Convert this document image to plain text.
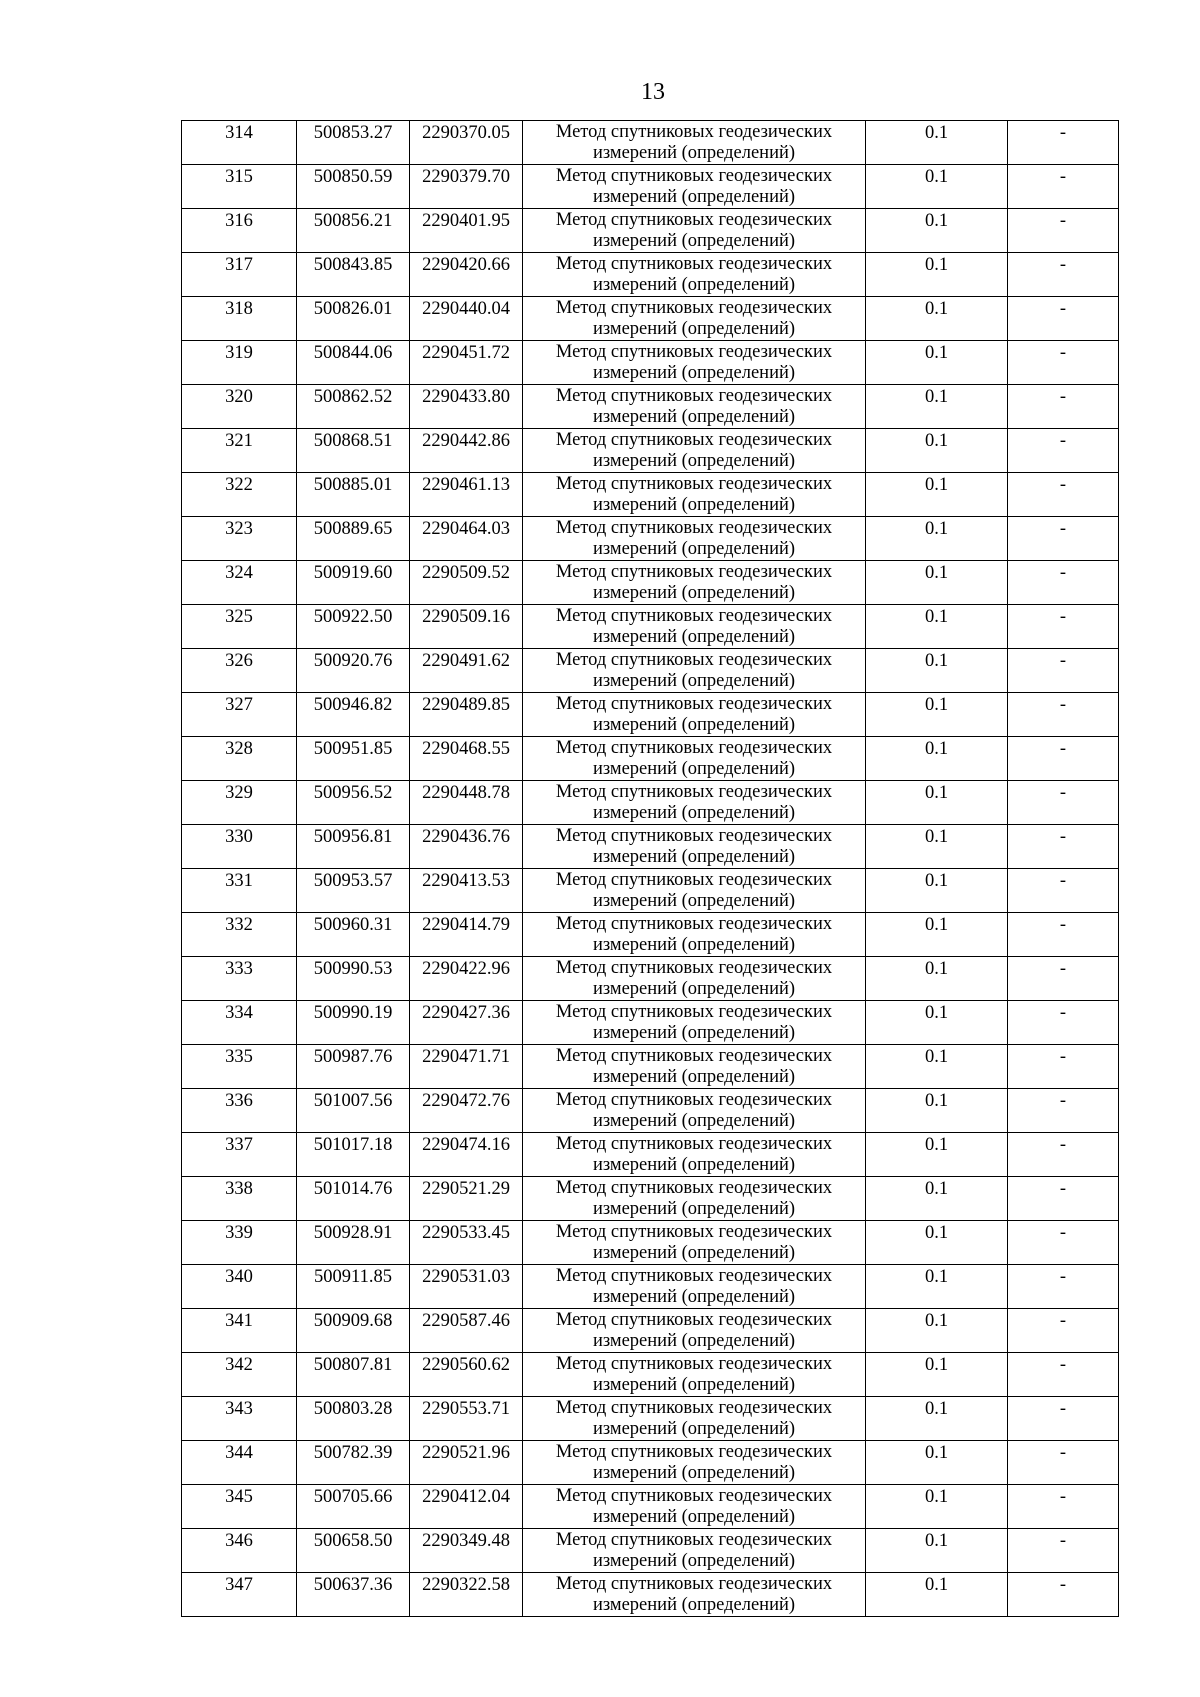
13
314	500853.27	2290370.05	Метод спутниковых геодезических
измерений (определений)	0.1	-
315	500850.59	2290379.70	Метод спутниковых геодезических
измерений (определений)	0.1	-
316	500856.21	2290401.95	Метод спутниковых геодезических
измерений (определений)	0.1	-
317	500843.85	2290420.66	Метод спутниковых геодезических
измерений (определений)	0.1	-
318	500826.01	2290440.04	Метод спутниковых геодезических
измерений (определений)	0.1	-
319	500844.06	2290451.72	Метод спутниковых геодезических
измерений (определений)	0.1	-
320	500862.52	2290433.80	Метод спутниковых геодезических
измерений (определений)	0.1	-
321	500868.51	2290442.86	Метод спутниковых геодезических
измерений (определений)	0.1	-
322	500885.01	2290461.13	Метод спутниковых геодезических
измерений (определений)	0.1	-
323	500889.65	2290464.03	Метод спутниковых геодезических
измерений (определений)	0.1	-
324	500919.60	2290509.52	Метод спутниковых геодезических
измерений (определений)	0.1	-
325	500922.50	2290509.16	Метод спутниковых геодезических
измерений (определений)	0.1	-
326	500920.76	2290491.62	Метод спутниковых геодезических
измерений (определений)	0.1	-
327	500946.82	2290489.85	Метод спутниковых геодезических
измерений (определений)	0.1	-
328	500951.85	2290468.55	Метод спутниковых геодезических
измерений (определений)	0.1	-
329	500956.52	2290448.78	Метод спутниковых геодезических
измерений (определений)	0.1	-
330	500956.81	2290436.76	Метод спутниковых геодезических
измерений (определений)	0.1	-
331	500953.57	2290413.53	Метод спутниковых геодезических
измерений (определений)	0.1	-
332	500960.31	2290414.79	Метод спутниковых геодезических
измерений (определений)	0.1	-
333	500990.53	2290422.96	Метод спутниковых геодезических
измерений (определений)	0.1	-
334	500990.19	2290427.36	Метод спутниковых геодезических
измерений (определений)	0.1	-
335	500987.76	2290471.71	Метод спутниковых геодезических
измерений (определений)	0.1	-
336	501007.56	2290472.76	Метод спутниковых геодезических
измерений (определений)	0.1	-
337	501017.18	2290474.16	Метод спутниковых геодезических
измерений (определений)	0.1	-
338	501014.76	2290521.29	Метод спутниковых геодезических
измерений (определений)	0.1	-
339	500928.91	2290533.45	Метод спутниковых геодезических
измерений (определений)	0.1	-
340	500911.85	2290531.03	Метод спутниковых геодезических
измерений (определений)	0.1	-
341	500909.68	2290587.46	Метод спутниковых геодезических
измерений (определений)	0.1	-
342	500807.81	2290560.62	Метод спутниковых геодезических
измерений (определений)	0.1	-
343	500803.28	2290553.71	Метод спутниковых геодезических
измерений (определений)	0.1	-
344	500782.39	2290521.96	Метод спутниковых геодезических
измерений (определений)	0.1	-
345	500705.66	2290412.04	Метод спутниковых геодезических
измерений (определений)	0.1	-
346	500658.50	2290349.48	Метод спутниковых геодезических
измерений (определений)	0.1	-
347	500637.36	2290322.58	Метод спутниковых геодезических
измерений (определений)	0.1	-
